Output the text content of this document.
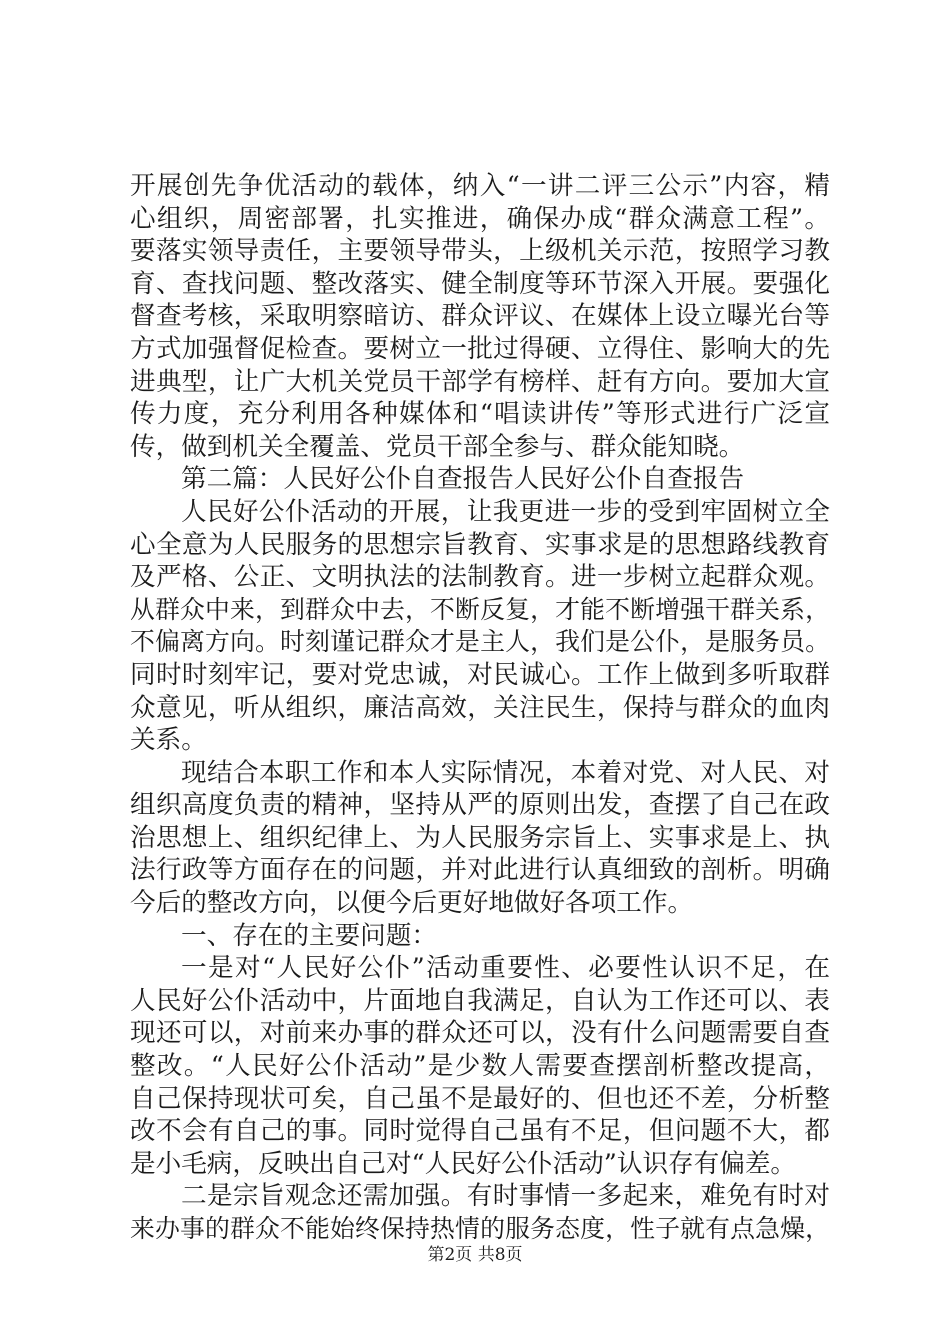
开展创先争优活动的载体，纳入“一讲二评三公示”内容，精
心组织，周密部署，扎实推进，确保办成“群众满意工程”。
要落实领导责任，主要领导带头，上级机关示范，按照学习教
育、查找问题、整改落实、健全制度等环节深入开展。要强化
督查考核，采取明察暗访、群众评议、在媒体上设立曝光台等
方式加强督促检查。要树立一批过得硬、立得住、影响大的先
进典型，让广大机关党员干部学有榜样、赶有方向。要加大宣
传力度，充分利用各种媒体和“唱读讲传”等形式进行广泛宣
传，做到机关全覆盖、党员干部全参与、群众能知晓。
第二篇：人民好公仆自查报告人民好公仆自查报告
人民好公仆活动的开展，让我更进一步的受到牢固树立全
心全意为人民服务的思想宗旨教育、实事求是的思想路线教育
及严格、公正、文明执法的法制教育。进一步树立起群众观。
从群众中来，到群众中去，不断反复，才能不断增强干群关系，
不偏离方向。时刻谨记群众才是主人，我们是公仆，是服务员。
同时时刻牢记，要对党忠诚，对民诚心。工作上做到多听取群
众意见，听从组织，廉洁高效，关注民生，保持与群众的血肉
关系。
现结合本职工作和本人实际情况，本着对党、对人民、对
组织高度负责的精神，坚持从严的原则出发，查摆了自己在政
治思想上、组织纪律上、为人民服务宗旨上、实事求是上、执
法行政等方面存在的问题，并对此进行认真细致的剖析。明确
今后的整改方向，以便今后更好地做好各项工作。
一、存在的主要问题：
一是对“人民好公仆”活动重要性、必要性认识不足，在
人民好公仆活动中，片面地自我满足，自认为工作还可以、表
现还可以，对前来办事的群众还可以，没有什么问题需要自查
整改。“人民好公仆活动”是少数人需要查摆剖析整改提高，
自己保持现状可矣，自己虽不是最好的、但也还不差，分析整
改不会有自己的事。同时觉得自己虽有不足，但问题不大，都
是小毛病，反映出自己对“人民好公仆活动”认识存有偏差。
二是宗旨观念还需加强。有时事情一多起来，难免有时对
来办事的群众不能始终保持热情的服务态度，性子就有点急燥，
第2页 共8页
